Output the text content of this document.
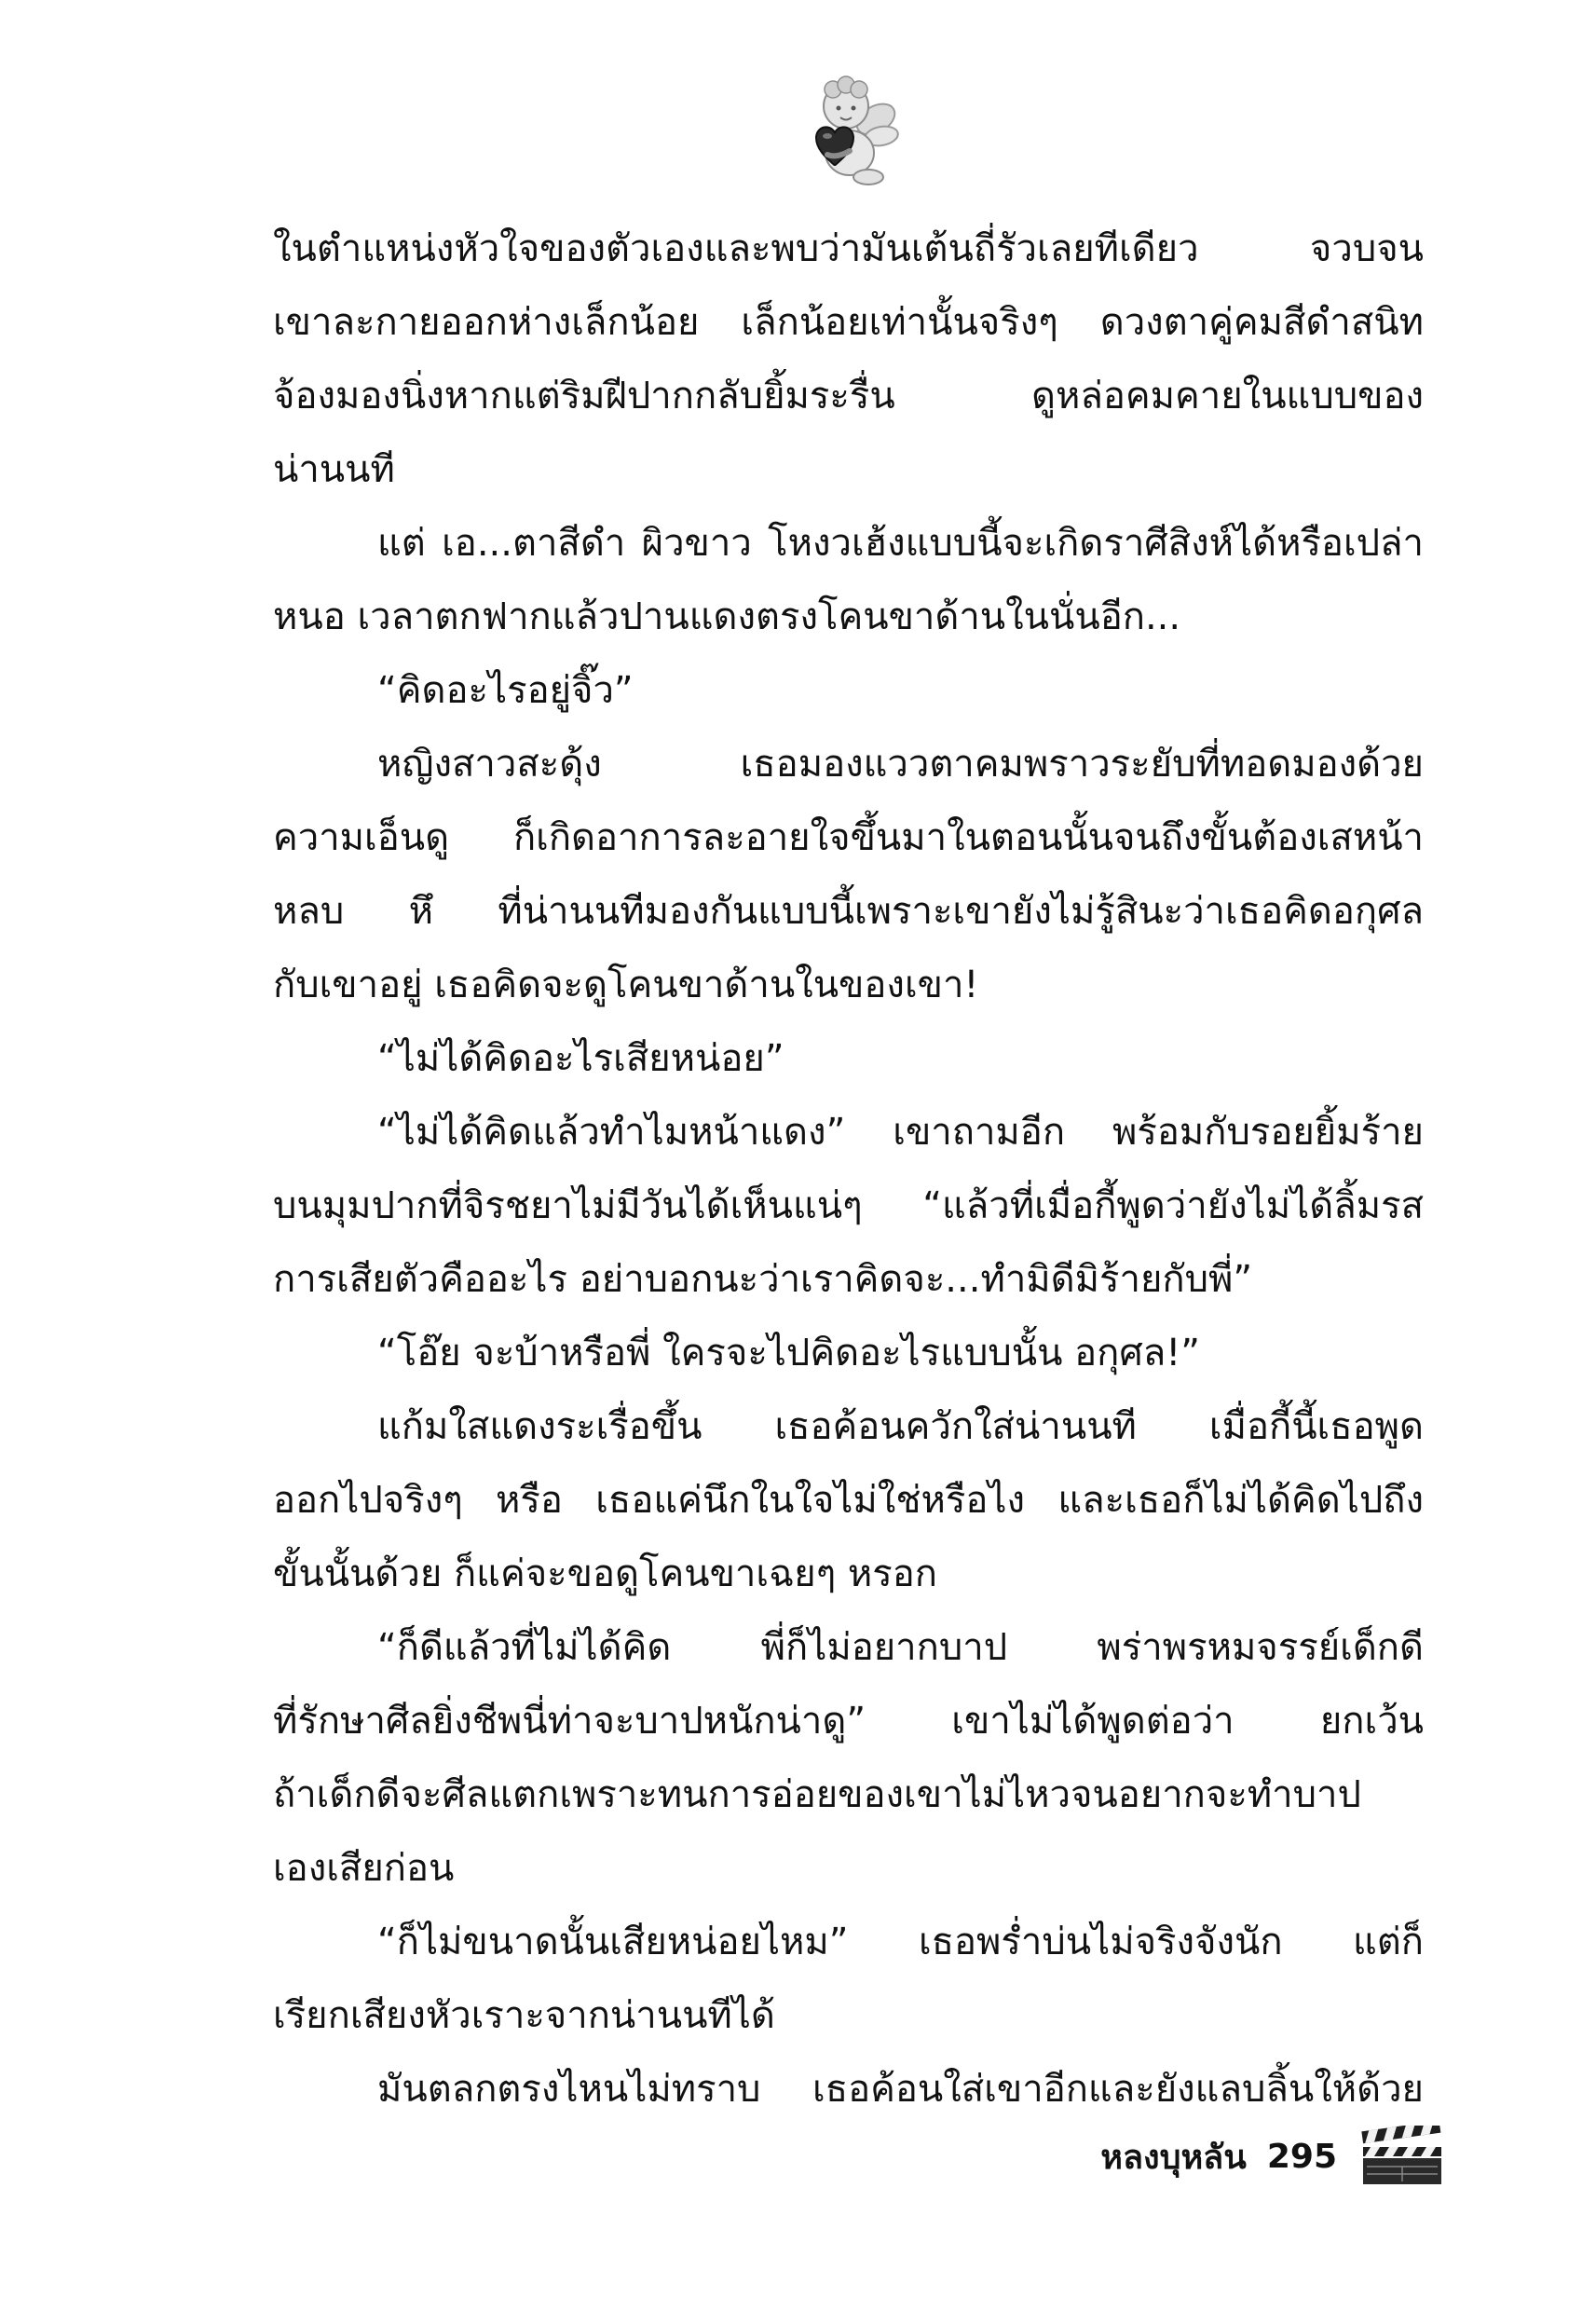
ในตำแหน่งหัวใจของตัวเองและพบว่ามันเต้นถี่รัวเลยทีเดียว จวบจน
เขาละกายออกห่างเล็กน้อย เล็กน้อยเท่านั้นจริงๆ ดวงตาคู่คมสีดำสนิท
จ้องมองนิ่งหากแต่ริมฝีปากกลับยิ้มระรื่น ดูหล่อคมคายในแบบของ
น่านนที
แต่ เอ...ตาสีดำ ผิวขาว โหงวเฮ้งแบบนี้จะเกิดราศีสิงห์ได้หรือเปล่า
หนอ เวลาตกฟากแล้วปานแดงตรงโคนขาด้านในนั่นอีก...
“คิดอะไรอยู่จิ๊ว”
หญิงสาวสะดุ้ง เธอมองแววตาคมพราวระยับที่ทอดมองด้วย
ความเอ็นดู ก็เกิดอาการละอายใจขึ้นมาในตอนนั้นจนถึงขั้นต้องเสหน้า
หลบ หึ ที่น่านนทีมองกันแบบนี้เพราะเขายังไม่รู้สินะว่าเธอคิดอกุศล
กับเขาอยู่ เธอคิดจะดูโคนขาด้านในของเขา!
“ไม่ได้คิดอะไรเสียหน่อย”
“ไม่ได้คิดแล้วทำไมหน้าแดง” เขาถามอีก พร้อมกับรอยยิ้มร้าย
บนมุมปากที่จิรชยาไม่มีวันได้เห็นแน่ๆ “แล้วที่เมื่อกี้พูดว่ายังไม่ได้ลิ้มรส
การเสียตัวคืออะไร อย่าบอกนะว่าเราคิดจะ...ทำมิดีมิร้ายกับพี่”
“โอ๊ย จะบ้าหรือพี่ ใครจะไปคิดอะไรแบบนั้น อกุศล!”
แก้มใสแดงระเรื่อขึ้น เธอค้อนควักใส่น่านนที เมื่อกี้นี้เธอพูด
ออกไปจริงๆ หรือ เธอแค่นึกในใจไม่ใช่หรือไง และเธอก็ไม่ได้คิดไปถึง
ขั้นนั้นด้วย ก็แค่จะขอดูโคนขาเฉยๆ หรอก
“ก็ดีแล้วที่ไม่ได้คิด พี่ก็ไม่อยากบาป พร่าพรหมจรรย์เด็กดี
ที่รักษาศีลยิ่งชีพนี่ท่าจะบาปหนักน่าดู” เขาไม่ได้พูดต่อว่า ยกเว้น
ถ้าเด็กดีจะศีลแตกเพราะทนการอ่อยของเขาไม่ไหวจนอยากจะทำบาป
เองเสียก่อน
“ก็ไม่ขนาดนั้นเสียหน่อยไหม” เธอพร่ำบ่นไม่จริงจังนัก แต่ก็
เรียกเสียงหัวเราะจากน่านนทีได้
มันตลกตรงไหนไม่ทราบ เธอค้อนใส่เขาอีกและยังแลบลิ้นให้ด้วย
หลงบุหลัน 295
